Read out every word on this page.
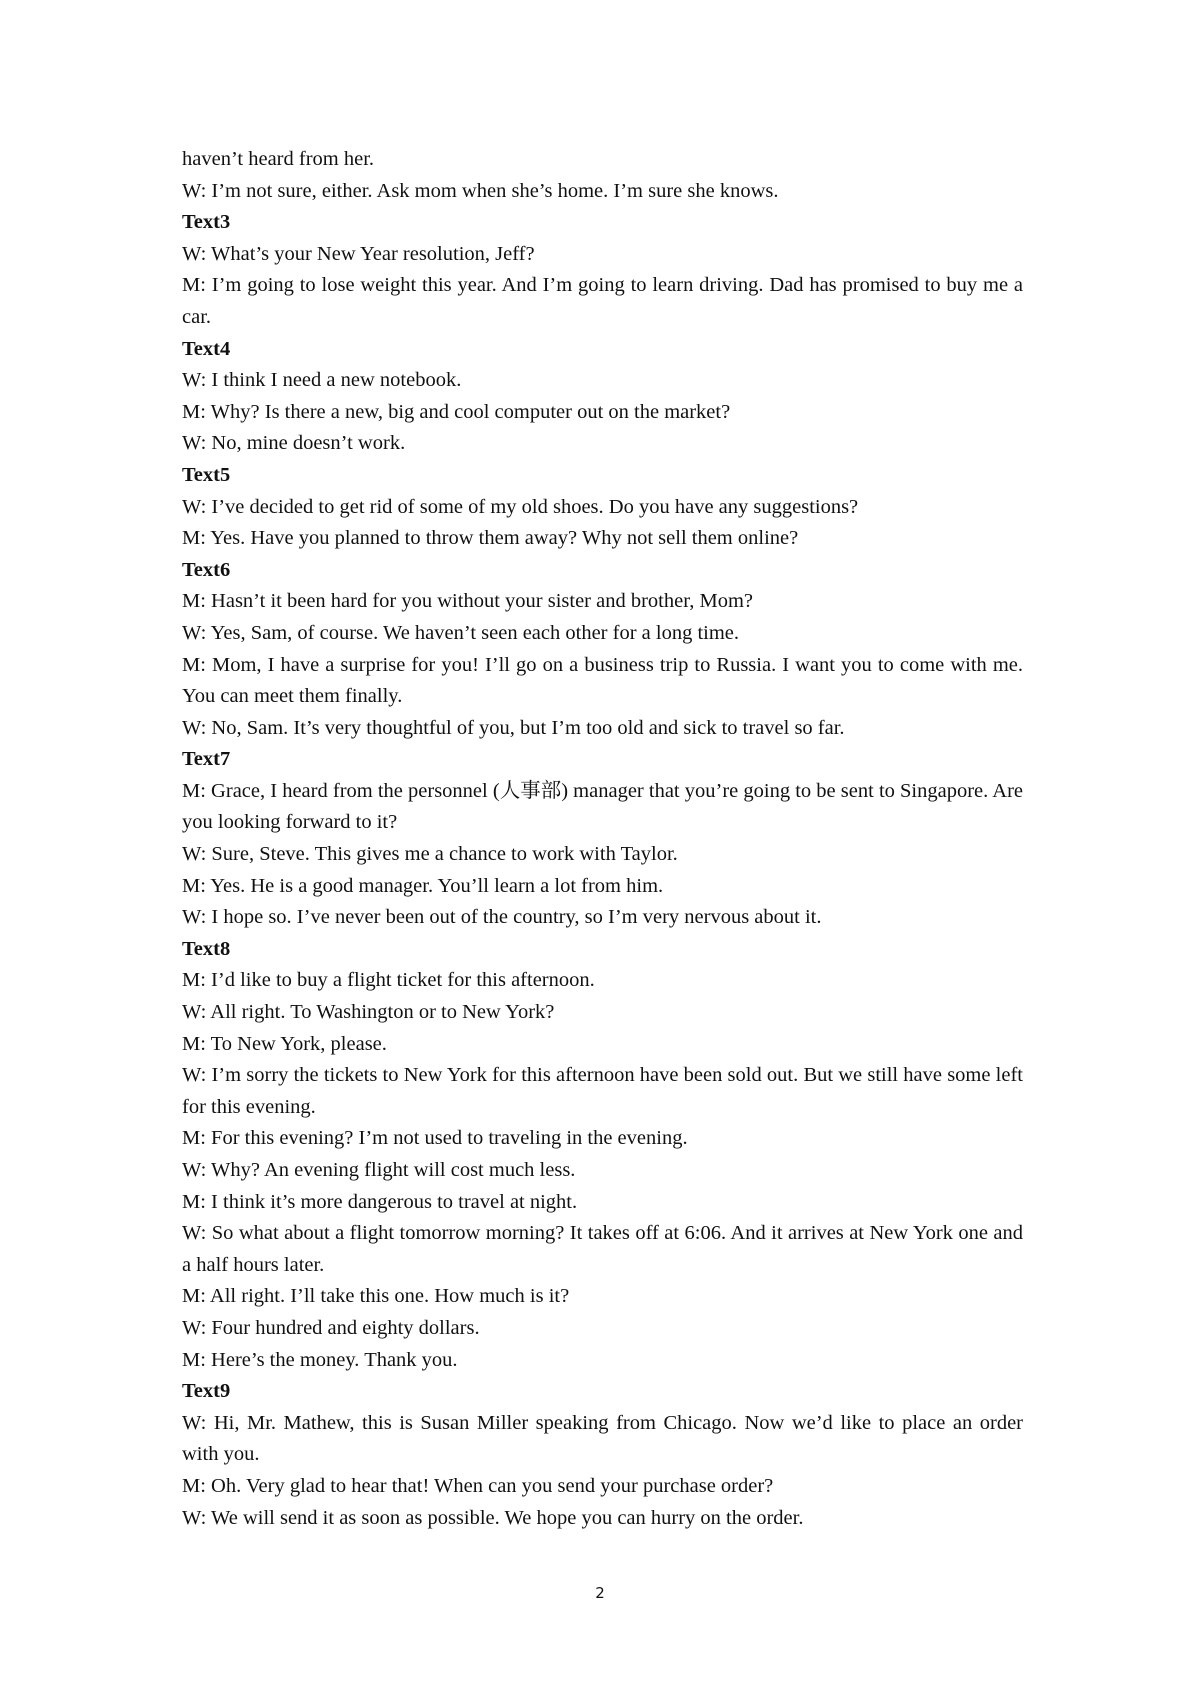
haven’t heard from her.

W: I’m not sure, either. Ask mom when she’s home. I’m sure she knows.

Text3

W: What’s your New Year resolution, Jeff?

M: I’m going to lose weight this year. And I’m going to learn driving. Dad has promised to buy me a car.

Text4

W: I think I need a new notebook.

M: Why? Is there a new, big and cool computer out on the market?

W: No, mine doesn’t work.

Text5

W: I’ve decided to get rid of some of my old shoes. Do you have any suggestions?

M: Yes. Have you planned to throw them away? Why not sell them online?

Text6

M: Hasn’t it been hard for you without your sister and brother, Mom?

W: Yes, Sam, of course. We haven’t seen each other for a long time.

M: Mom, I have a surprise for you! I’ll go on a business trip to Russia. I want you to come with me. You can meet them finally.

W: No, Sam. It’s very thoughtful of you, but I’m too old and sick to travel so far.

Text7

M: Grace, I heard from the personnel (人事部) manager that you’re going to be sent to Singapore. Are you looking forward to it?

W: Sure, Steve. This gives me a chance to work with Taylor.

M: Yes. He is a good manager. You’ll learn a lot from him.

W: I hope so. I’ve never been out of the country, so I’m very nervous about it.

Text8

M: I’d like to buy a flight ticket for this afternoon.

W: All right. To Washington or to New York?

M: To New York, please.

W: I’m sorry the tickets to New York for this afternoon have been sold out. But we still have some left for this evening.

M: For this evening? I’m not used to traveling in the evening.

W: Why? An evening flight will cost much less.

M: I think it’s more dangerous to travel at night.

W: So what about a flight tomorrow morning? It takes off at 6:06. And it arrives at New York one and a half hours later.

M: All right. I’ll take this one. How much is it?

W: Four hundred and eighty dollars.

M: Here’s the money. Thank you.

Text9

W: Hi, Mr. Mathew, this is Susan Miller speaking from Chicago. Now we’d like to place an order with you.

M: Oh. Very glad to hear that! When can you send your purchase order?

W: We will send it as soon as possible. We hope you can hurry on the order.

2
